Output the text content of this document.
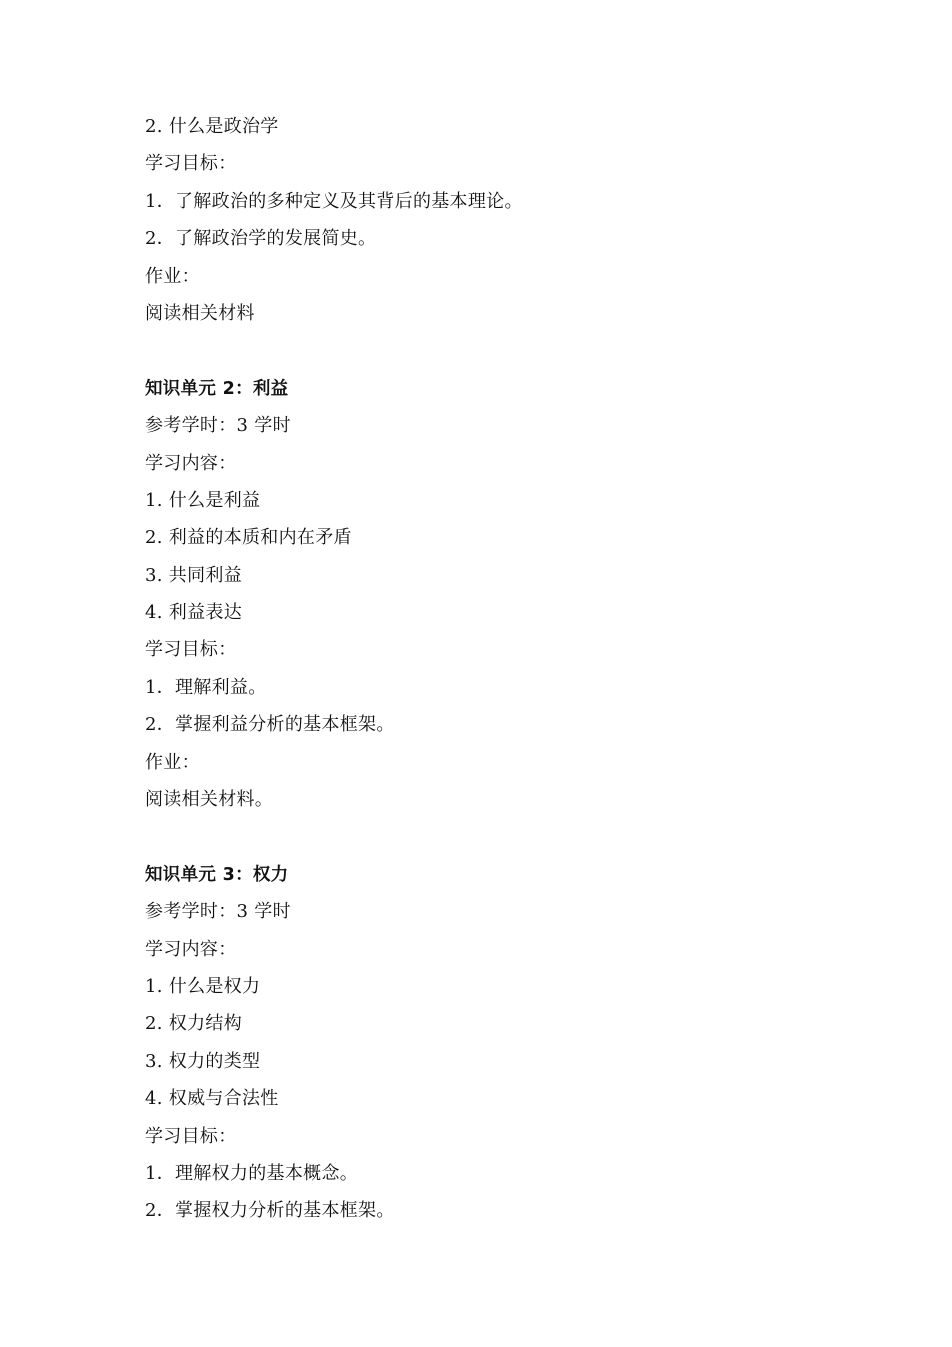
2. 什么是政治学
学习目标：
1．了解政治的多种定义及其背后的基本理论。
2．了解政治学的发展简史。
作业：
阅读相关材料
知识单元 2：利益
参考学时：3 学时
学习内容：
1. 什么是利益
2. 利益的本质和内在矛盾
3. 共同利益
4. 利益表达
学习目标：
1．理解利益。
2．掌握利益分析的基本框架。
作业：
阅读相关材料。
知识单元 3：权力
参考学时：3 学时
学习内容：
1. 什么是权力
2. 权力结构
3. 权力的类型
4. 权威与合法性
学习目标：
1．理解权力的基本概念。
2．掌握权力分析的基本框架。
